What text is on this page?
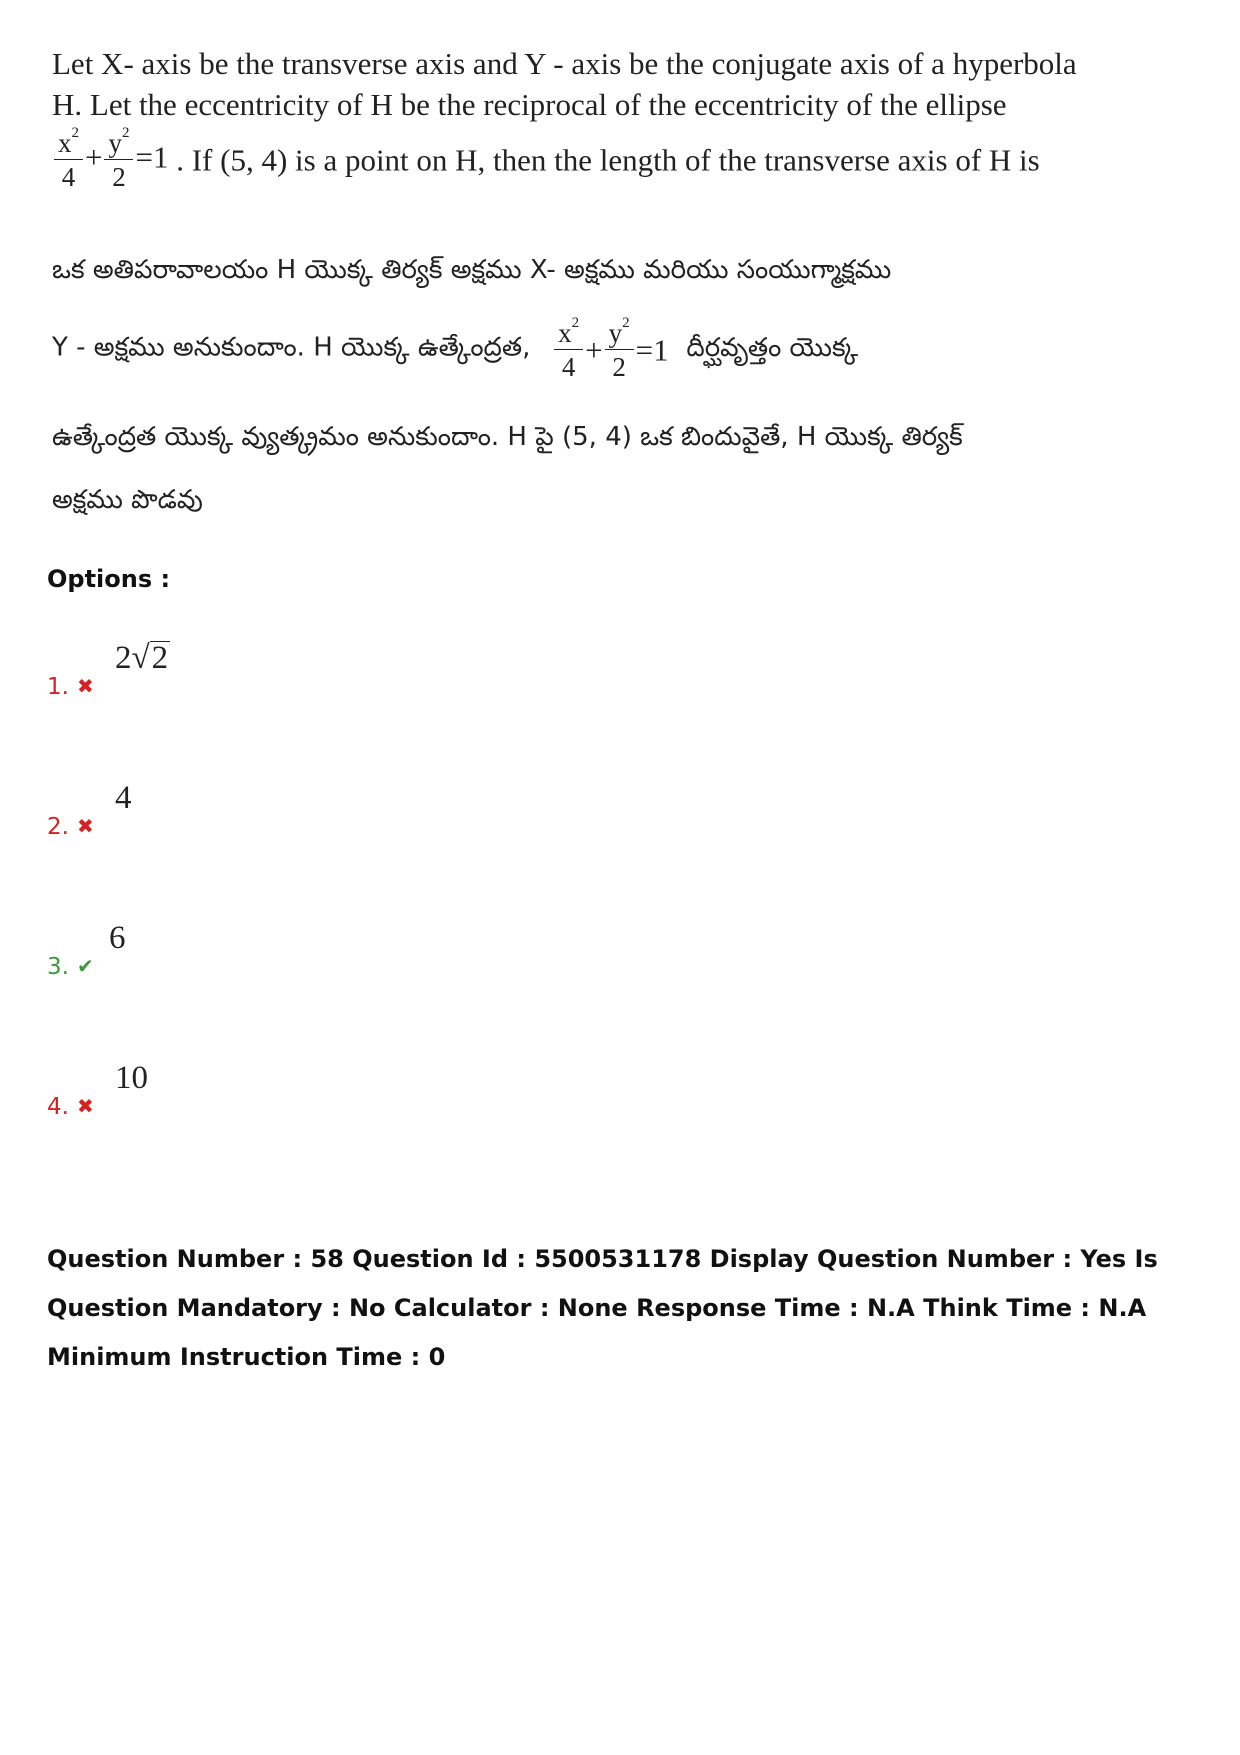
Let X- axis be the transverse axis and Y - axis be the conjugate axis of a hyperbola
H. Let the eccentricity of H be the reciprocal of the eccentricity of the ellipse
$\frac{x^2}{4} + \frac{y^2}{2} =1$ . If (5, 4) is a point on H, then the length of the transverse axis of H is
ఒక అతిపరావాలయం H యొక్క తిర్యక్ అక్షము X- అక్షము మరియు సంయుగ్మాక్షము
Y - అక్షము అనుకుందాం. H యొక్క ఉత్కేంద్రత, $\frac{x^2}{4} + \frac{y^2}{2} =1$ దీర్ఘవృత్తం యొక్క
ఉత్కేంద్రత యొక్క వ్యుత్క్రమం అనుకుందాం. H పై (5, 4) ఒక బిందువైతే, H యొక్క తిర్యక్
అక్షము పొడవు
Options :
1. ✖
2√2
2. ✖
4
3. ✔
6
4. ✖
10
Question Number : 58 Question Id : 5500531178 Display Question Number : Yes Is Question Mandatory : No Calculator : None Response Time : N.A Think Time : N.A Minimum Instruction Time : 0
